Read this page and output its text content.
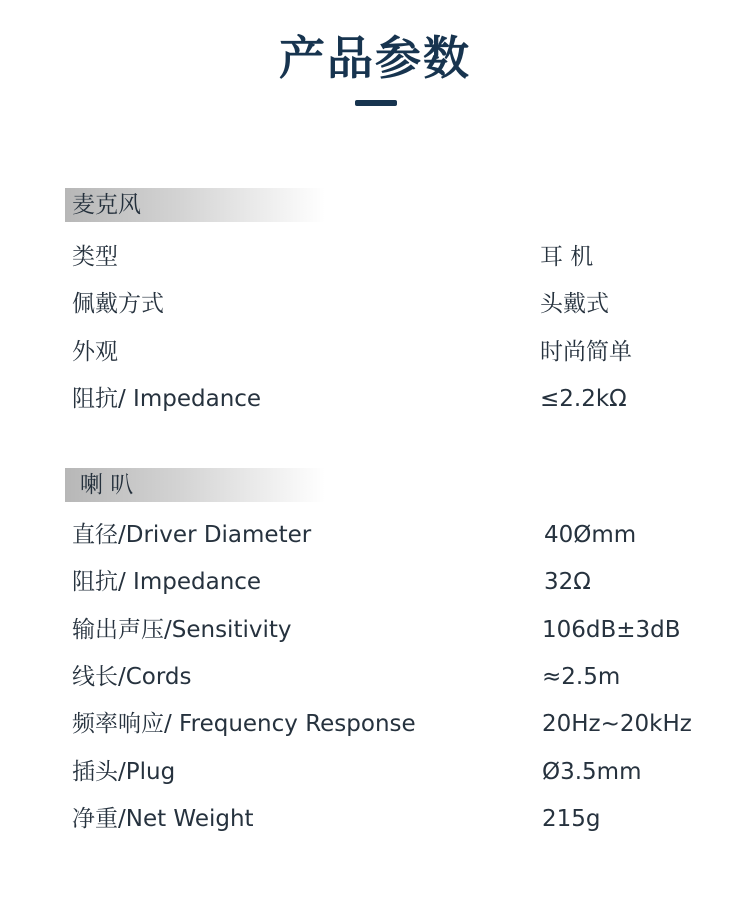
产品参数
麦克风
类型	耳 机
佩戴方式	头戴式
外观	时尚简单
阻抗/ Impedance	≤2.2kΩ
喇 叭
直径/Driver Diameter	40Ømm
阻抗/ Impedance	32Ω
输出声压/Sensitivity	106dB±3dB
线长/Cords	≈2.5m
频率响应/ Frequency Response	20Hz~20kHz
插头/Plug	Ø3.5mm
净重/Net Weight	215g
